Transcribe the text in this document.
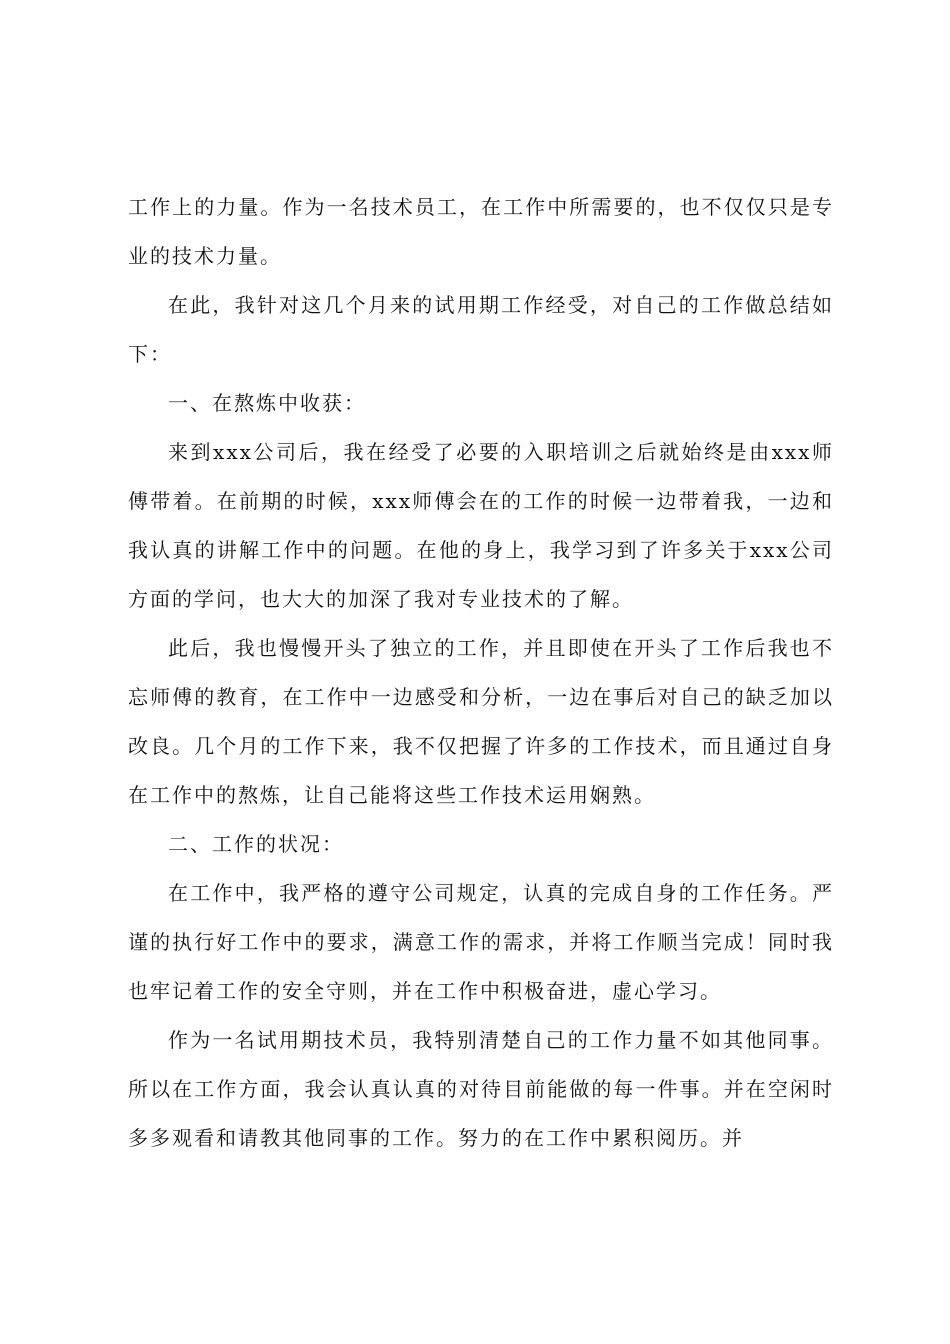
工作上的力量。作为一名技术员工，在工作中所需要的，也不仅仅只是专业的技术力量。

在此，我针对这几个月来的试用期工作经受，对自己的工作做总结如下：

一、在熬炼中收获：

来到xxx公司后，我在经受了必要的入职培训之后就始终是由xxx师傅带着。在前期的时候，xxx师傅会在的工作的时候一边带着我，一边和我认真的讲解工作中的问题。在他的身上，我学习到了许多关于xxx公司方面的学问，也大大的加深了我对专业技术的了解。

此后，我也慢慢开头了独立的工作，并且即使在开头了工作后我也不忘师傅的教育，在工作中一边感受和分析，一边在事后对自己的缺乏加以改良。几个月的工作下来，我不仅把握了许多的工作技术，而且通过自身在工作中的熬炼，让自己能将这些工作技术运用娴熟。

二、工作的状况：

在工作中，我严格的遵守公司规定，认真的完成自身的工作任务。严谨的执行好工作中的要求，满意工作的需求，并将工作顺当完成！同时我也牢记着工作的安全守则，并在工作中积极奋进，虚心学习。

作为一名试用期技术员，我特别清楚自己的工作力量不如其他同事。所以在工作方面，我会认真认真的对待目前能做的每一件事。并在空闲时多多观看和请教其他同事的工作。努力的在工作中累积阅历。并
